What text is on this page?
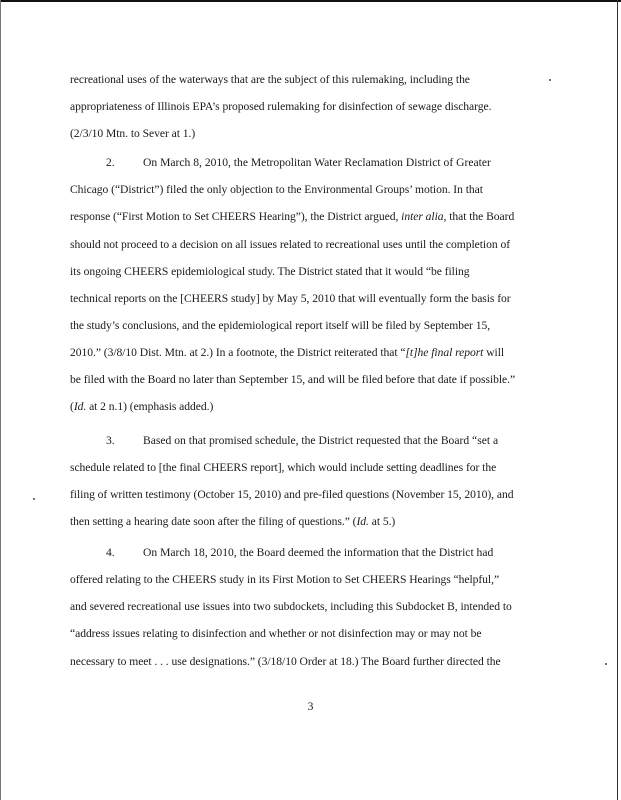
recreational uses of the waterways that are the subject of this rulemaking, including the
appropriateness of Illinois EPA’s proposed rulemaking for disinfection of sewage discharge.
(2/3/10 Mtn. to Sever at 1.)
2. On March 8, 2010, the Metropolitan Water Reclamation District of Greater
Chicago (“District”) filed the only objection to the Environmental Groups’ motion. In that
response (“First Motion to Set CHEERS Hearing”), the District argued, inter alia, that the Board
should not proceed to a decision on all issues related to recreational uses until the completion of
its ongoing CHEERS epidemiological study. The District stated that it would “be filing
technical reports on the [CHEERS study] by May 5, 2010 that will eventually form the basis for
the study’s conclusions, and the epidemiological report itself will be filed by September 15,
2010.” (3/8/10 Dist. Mtn. at 2.) In a footnote, the District reiterated that “[t]he final report will
be filed with the Board no later than September 15, and will be filed before that date if possible.”
(Id. at 2 n.1) (emphasis added.)
3. Based on that promised schedule, the District requested that the Board “set a
schedule related to [the final CHEERS report], which would include setting deadlines for the
filing of written testimony (October 15, 2010) and pre-filed questions (November 15, 2010), and
then setting a hearing date soon after the filing of questions.” (Id. at 5.)
4. On March 18, 2010, the Board deemed the information that the District had
offered relating to the CHEERS study in its First Motion to Set CHEERS Hearings “helpful,”
and severed recreational use issues into two subdockets, including this Subdocket B, intended to
“address issues relating to disinfection and whether or not disinfection may or may not be
necessary to meet . . . use designations.” (3/18/10 Order at 18.) The Board further directed the
3
